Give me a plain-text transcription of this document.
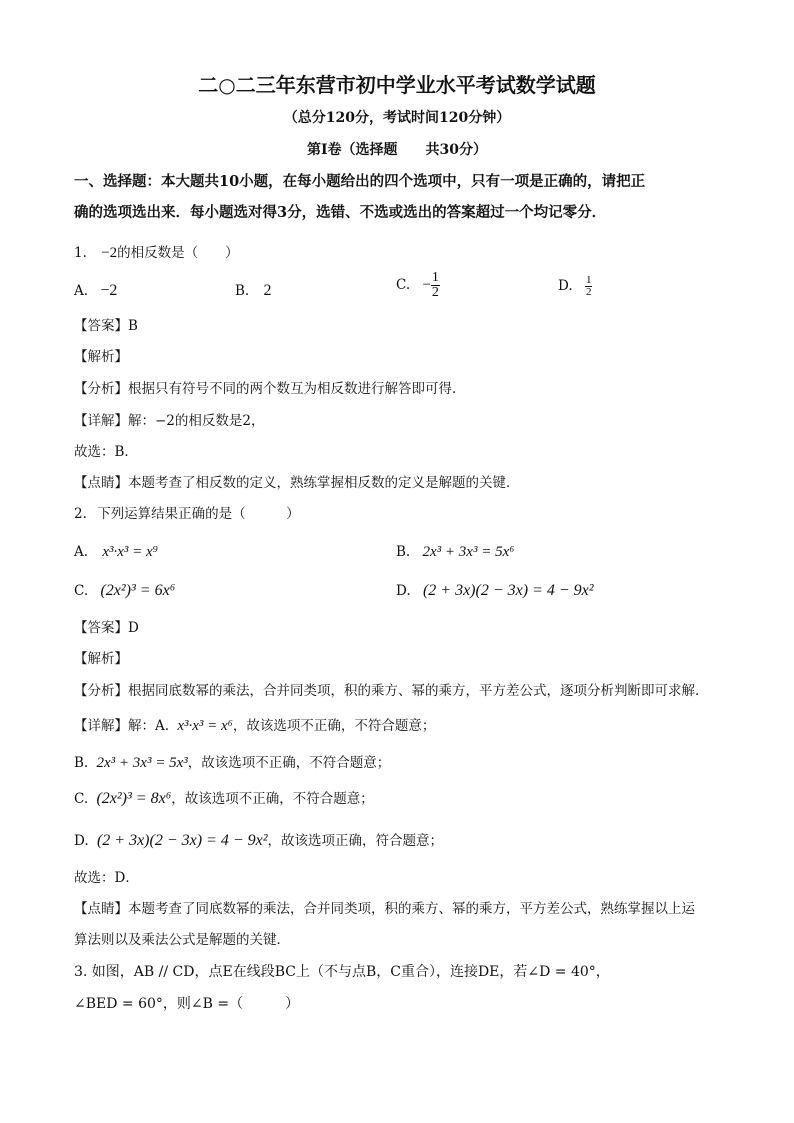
二○二三年东营市初中学业水平考试数学试题
（总分120分，考试时间120分钟）
第Ⅰ卷（选择题　　共30分）
一、选择题：本大题共10小题，在每小题给出的四个选项中，只有一项是正确的，请把正
确的选项选出来．每小题选对得3分，选错、不选或选出的答案超过一个均记零分．
1. −2的相反数是（　　）
A. −2	B. 2	C. − $\frac{1}{2}$	D. $\frac{1}{2}$
【答案】B
【解析】
【分析】根据只有符号不同的两个数互为相反数进行解答即可得．
【详解】解：−2的相反数是2，
故选：B．
【点睛】本题考查了相反数的定义，熟练掌握相反数的定义是解题的关键．
2. 下列运算结果正确的是（　　　）
A. x³·x³ = x⁹	B. 2x³ + 3x³ = 5x⁶
C. (2x²)³ = 6x⁶	D. (2 + 3x)(2 − 3x) = 4 − 9x²
【答案】D
【解析】
【分析】根据同底数幂的乘法，合并同类项，积的乘方、幂的乘方，平方差公式，逐项分析判断即可求解．
【详解】解：A. x³·x³ = x⁶，故该选项不正确，不符合题意；
B. 2x³ + 3x³ = 5x³，故该选项不正确，不符合题意；
C. (2x²)³ = 8x⁶，故该选项不正确，不符合题意；
D. (2 + 3x)(2 − 3x) = 4 − 9x²，故该选项正确，符合题意；
故选：D．
【点睛】本题考查了同底数幂的乘法，合并同类项，积的乘方、幂的乘方，平方差公式，熟练掌握以上运
算法则以及乘法公式是解题的关键．
3. 如图，AB // CD，点E在线段BC上（不与点B，C重合），连接DE，若∠D = 40°，
∠BED = 60°，则∠B =（　　　）
